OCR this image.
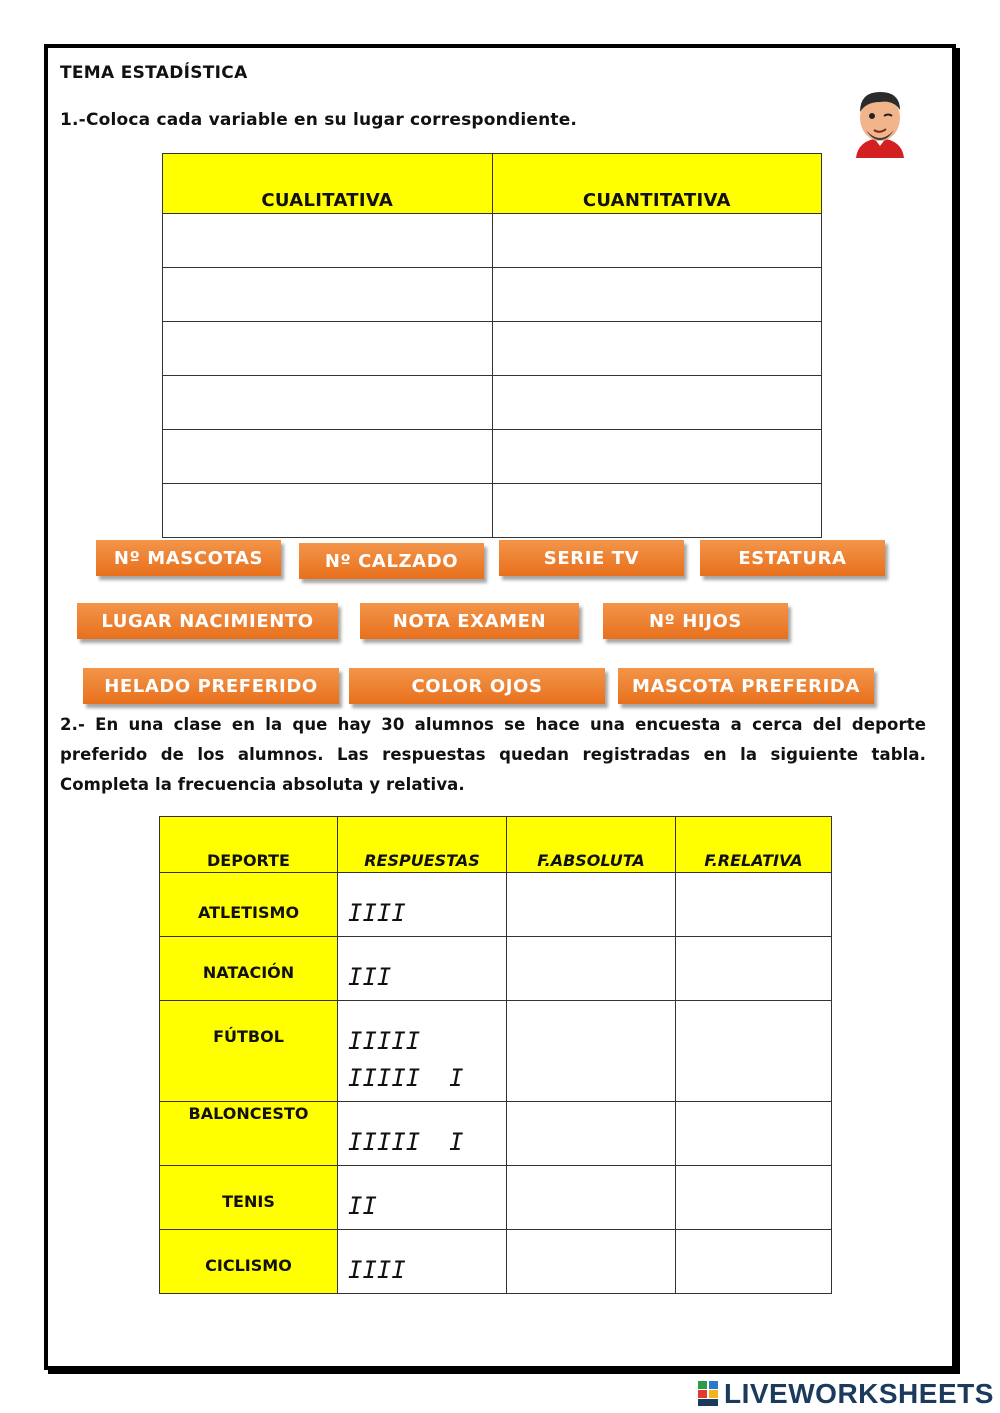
TEMA ESTADÍSTICA
1.-Coloca cada variable en su lugar correspondiente.
CUALITATIVA	CUANTITATIVA

Nº MASCOTAS	Nº CALZADO	SERIE TV	ESTATURA
LUGAR NACIMIENTO	NOTA EXAMEN	Nº HIJOS
HELADO PREFERIDO	COLOR OJOS	MASCOTA PREFERIDA
2.- En una clase en la que hay 30 alumnos se hace una encuesta a cerca del deporte preferido de los alumnos. Las respuestas quedan registradas en la siguiente tabla. Completa la frecuencia absoluta y relativa.
DEPORTE	RESPUESTAS	F.ABSOLUTA	F.RELATIVA
ATLETISMO	IIII		
NATACIÓN	III		
FÚTBOL	IIIII
IIIII  I		
BALONCESTO	IIIII  I		
TENIS	II		
CICLISMO	IIII		
LIVEWORKSHEETS
